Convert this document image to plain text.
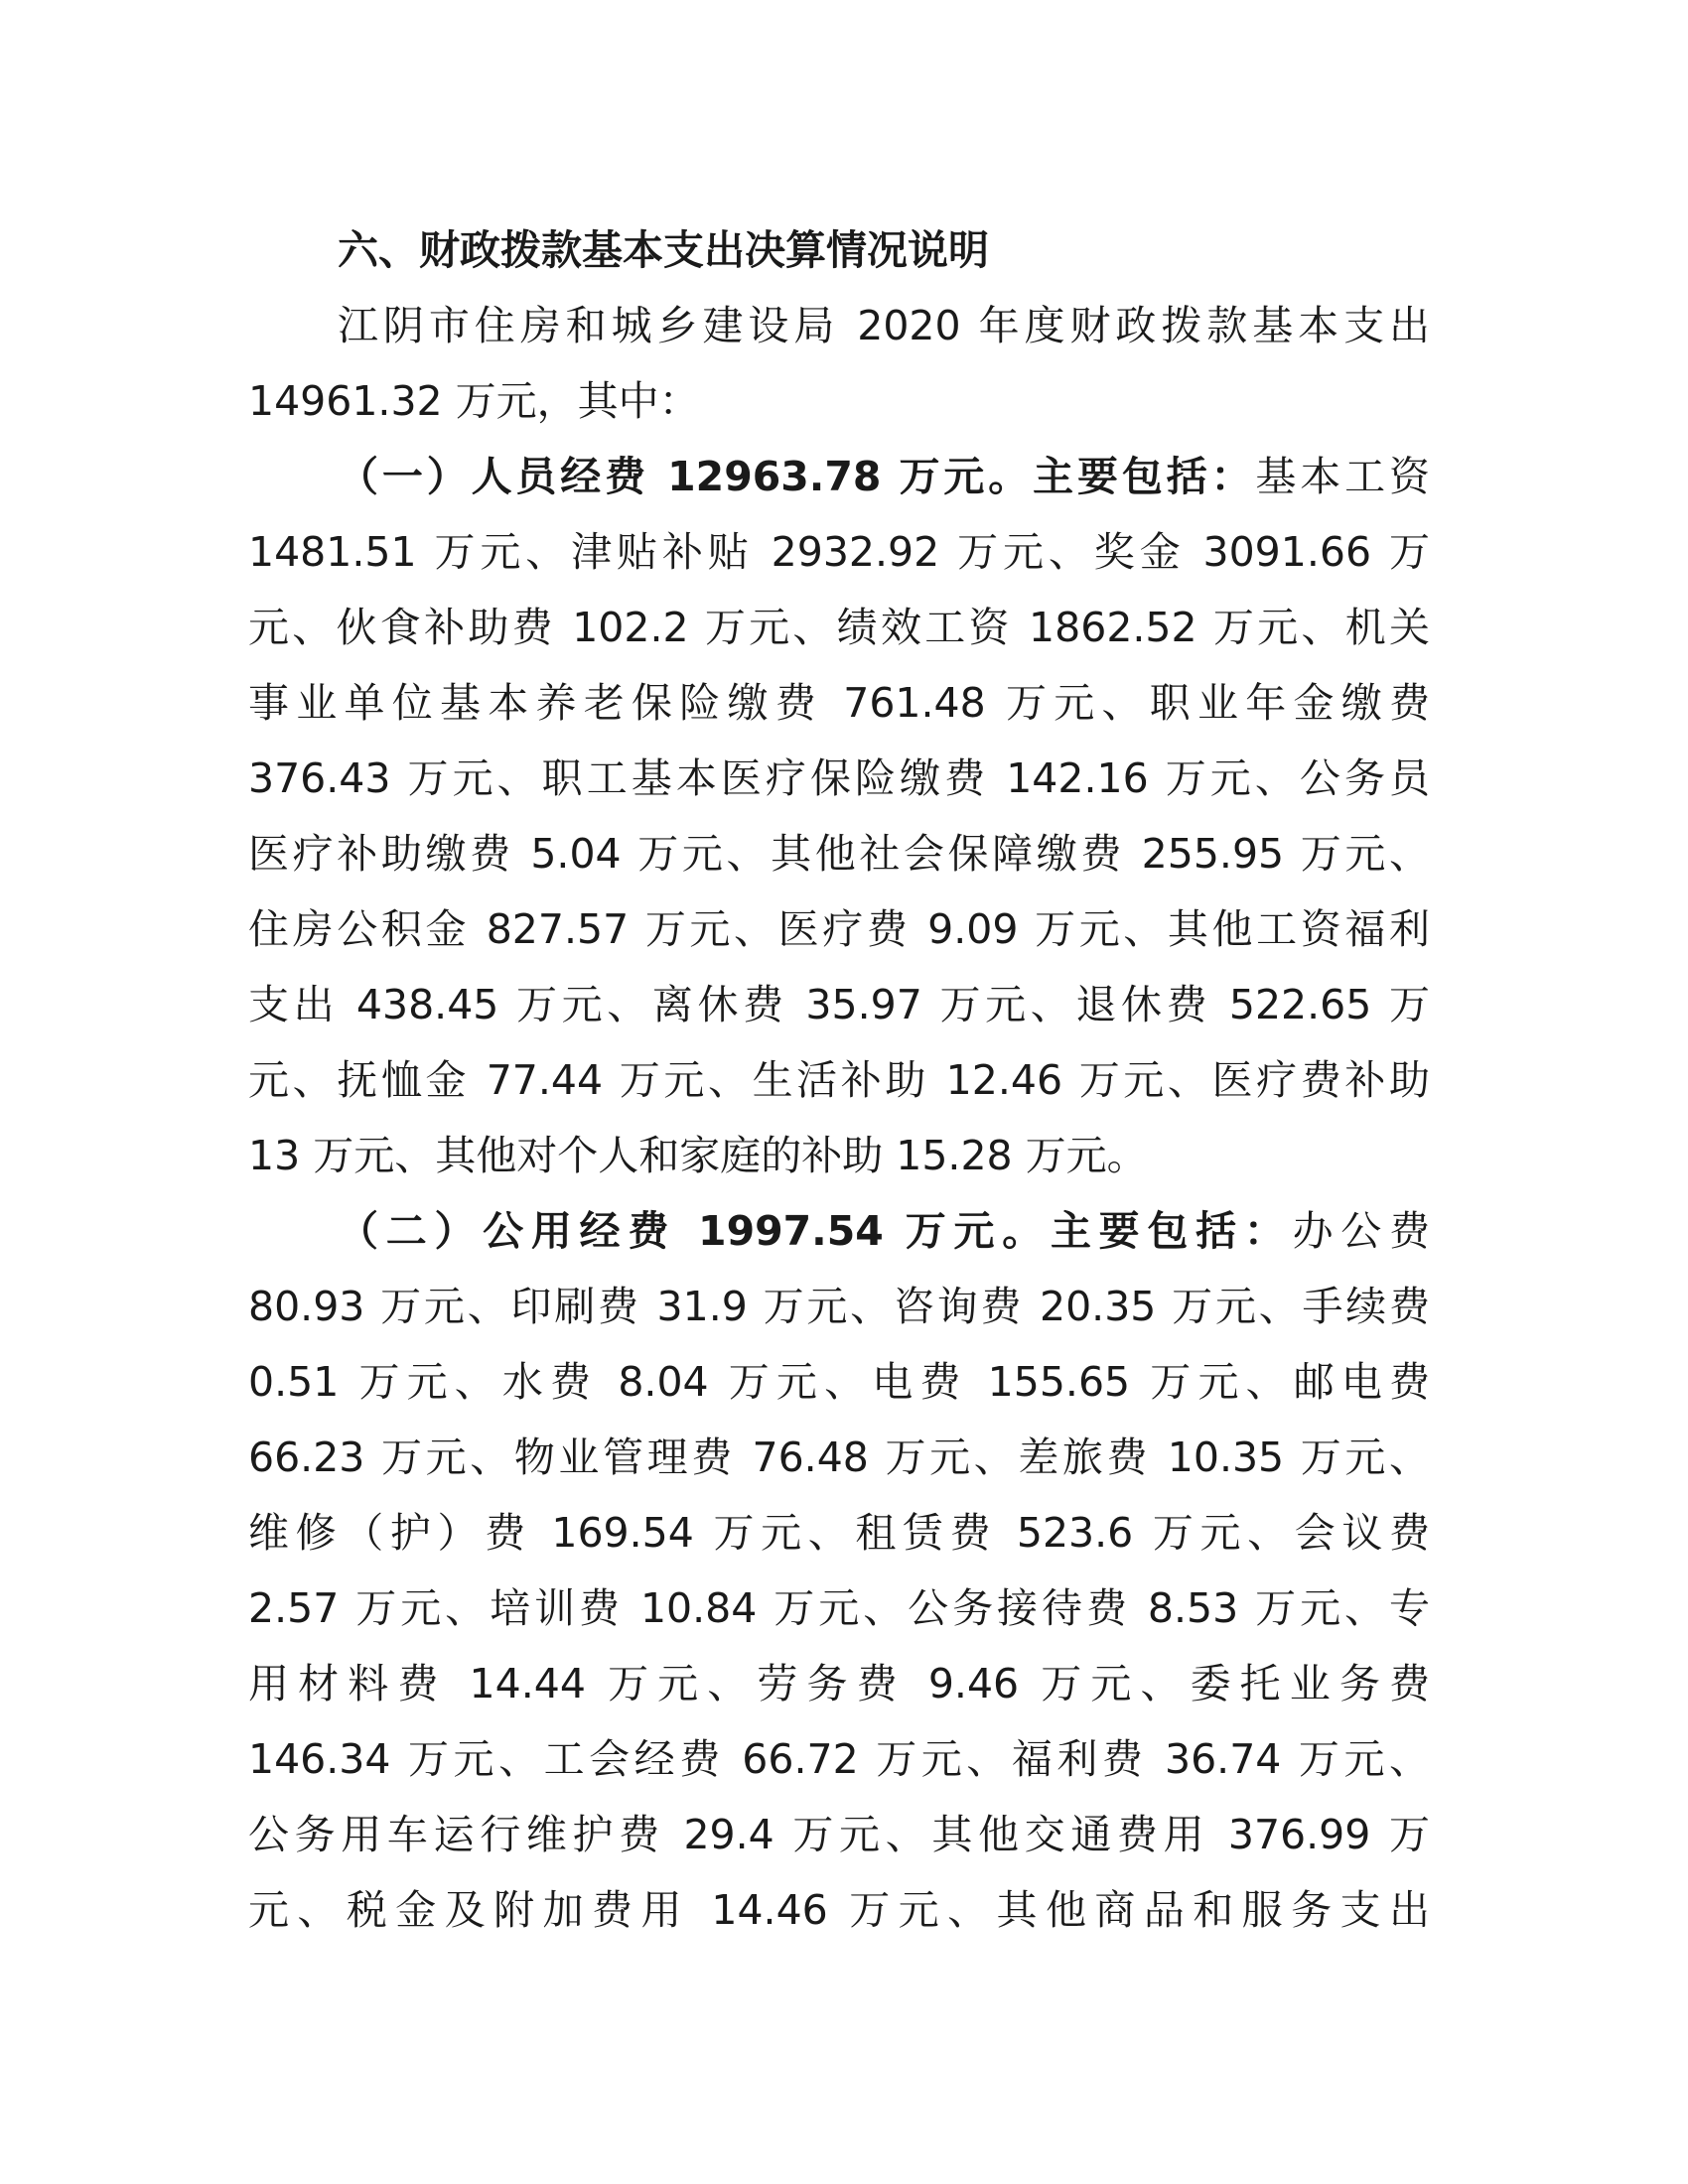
六、财政拨款基本支出决算情况说明
江阴市住房和城乡建设局 2020 年度财政拨款基本支出
14961.32 万元，其中：
（一）人员经费 12963.78 万元。主要包括：基本工资
1481.51 万元、津贴补贴 2932.92 万元、奖金 3091.66 万
元、伙食补助费 102.2 万元、绩效工资 1862.52 万元、机关
事业单位基本养老保险缴费 761.48 万元、职业年金缴费
376.43 万元、职工基本医疗保险缴费 142.16 万元、公务员
医疗补助缴费 5.04 万元、其他社会保障缴费 255.95 万元、
住房公积金 827.57 万元、医疗费 9.09 万元、其他工资福利
支出 438.45 万元、离休费 35.97 万元、退休费 522.65 万
元、抚恤金 77.44 万元、生活补助 12.46 万元、医疗费补助
13 万元、其他对个人和家庭的补助 15.28 万元。
（二）公用经费 1997.54 万元。主要包括：办公费
80.93 万元、印刷费 31.9 万元、咨询费 20.35 万元、手续费
0.51 万元、水费 8.04 万元、电费 155.65 万元、邮电费
66.23 万元、物业管理费 76.48 万元、差旅费 10.35 万元、
维修（护）费 169.54 万元、租赁费 523.6 万元、会议费
2.57 万元、培训费 10.84 万元、公务接待费 8.53 万元、专
用材料费 14.44 万元、劳务费 9.46 万元、委托业务费
146.34 万元、工会经费 66.72 万元、福利费 36.74 万元、
公务用车运行维护费 29.4 万元、其他交通费用 376.99 万
元、税金及附加费用 14.46 万元、其他商品和服务支出
